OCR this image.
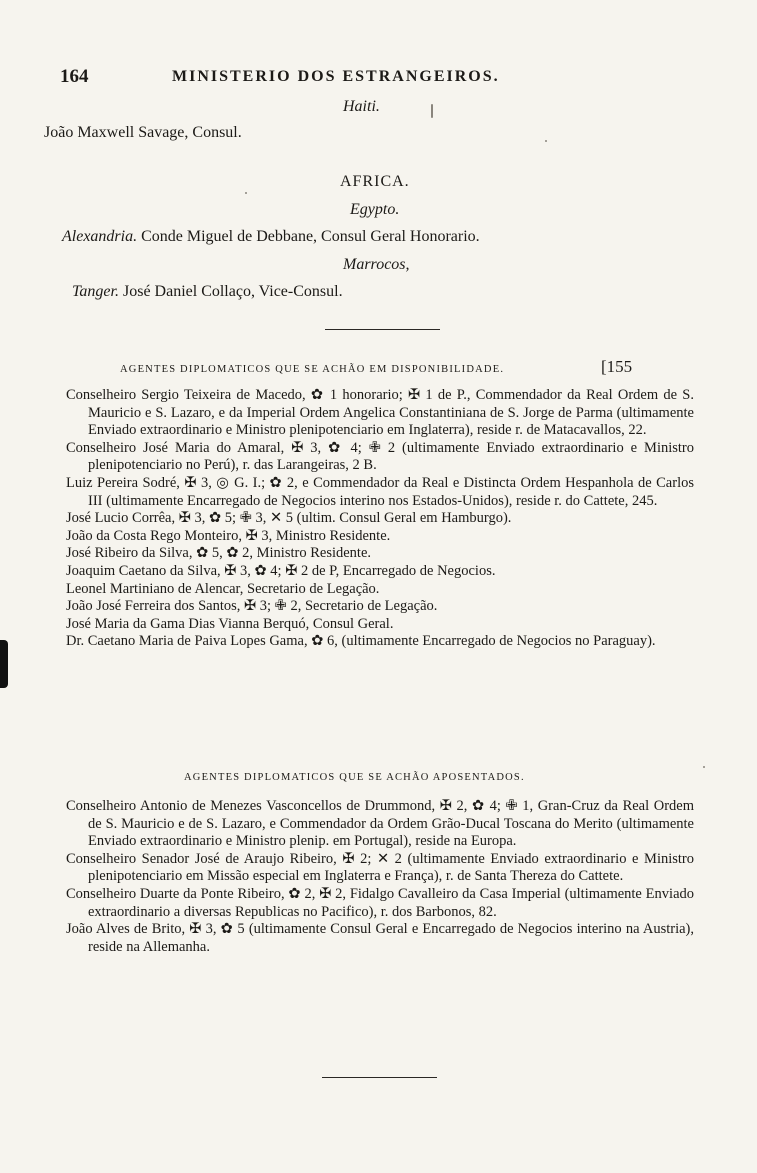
164	MINISTERIO DOS ESTRANGEIROS.
Haiti.
João Maxwell Savage, Consul.
AFRICA.
Egypto.
Alexandria. Conde Miguel de Debbane, Consul Geral Honorario.
Marrocos,
Tanger. José Daniel Collaço, Vice-Consul.
AGENTES DIPLOMATICOS QUE SE ACHÃO EM DISPONIBILIDADE.	[155

Conselheiro Sergio Teixeira de Macedo, ✿ 1 honorario; ✠ 1 de P., Commendador da Real Ordem de S. Mauricio e S. Lazaro, e da Imperial Ordem Angelica Constantiniana de S. Jorge de Parma (ultimamente Enviado extraordinario e Ministro plenipotenciario em Inglaterra), reside r. de Matacavallos, 22.

Conselheiro José Maria do Amaral, ✠ 3, ✿ 4; ✙ 2 (ultimamente Enviado extraordinario e Ministro plenipotenciario no Perú), r. das Larangeiras, 2 B.

Luiz Pereira Sodré, ✠ 3, ◎ G. I.; ✿ 2, e Commendador da Real e Distincta Ordem Hespanhola de Carlos III (ultimamente Encarregado de Negocios interino nos Estados-Unidos), reside r. do Cattete, 245.

José Lucio Corrêa, ✠ 3, ✿ 5; ✙ 3, ✕ 5 (ultim. Consul Geral em Hamburgo).

João da Costa Rego Monteiro, ✠ 3, Ministro Residente.

José Ribeiro da Silva, ✿ 5, ✿ 2, Ministro Residente.

Joaquim Caetano da Silva, ✠ 3, ✿ 4; ✠ 2 de P, Encarregado de Negocios.

Leonel Martiniano de Alencar, Secretario de Legação.

João José Ferreira dos Santos, ✠ 3; ✙ 2, Secretario de Legação.

José Maria da Gama Dias Vianna Berquó, Consul Geral.

Dr. Caetano Maria de Paiva Lopes Gama, ✿ 6, (ultimamente Encarregado de Negocios no Paraguay).

AGENTES DIPLOMATICOS QUE SE ACHÃO APOSENTADOS.

Conselheiro Antonio de Menezes Vasconcellos de Drummond, ✠ 2, ✿ 4; ✙ 1, Gran-Cruz da Real Ordem de S. Mauricio e de S. Lazaro, e Commendador da Ordem Grão-Ducal Toscana do Merito (ultimamente Enviado extraordinario e Ministro plenip. em Portugal), reside na Europa.

Conselheiro Senador José de Araujo Ribeiro, ✠ 2; ✕ 2 (ultimamente Enviado extraordinario e Ministro plenipotenciario em Missão especial em Inglaterra e França), r. de Santa Thereza do Cattete.

Conselheiro Duarte da Ponte Ribeiro, ✿ 2, ✠ 2, Fidalgo Cavalleiro da Casa Imperial (ultimamente Enviado extraordinario a diversas Republicas no Pacifico), r. dos Barbonos, 82.

João Alves de Brito, ✠ 3, ✿ 5 (ultimamente Consul Geral e Encarregado de Negocios interino na Austria), reside na Allemanha.
